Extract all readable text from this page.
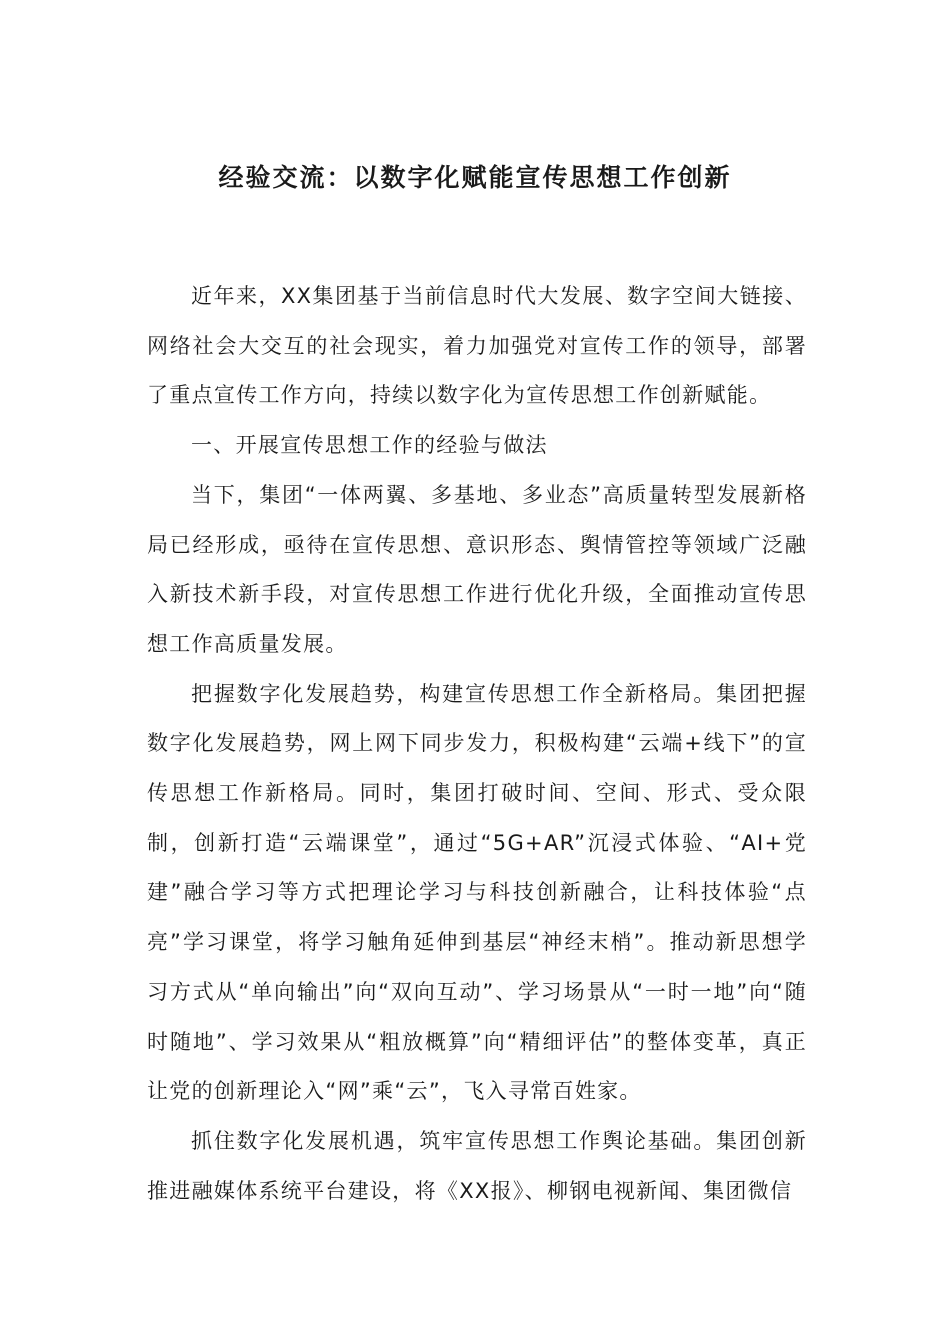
经验交流：以数字化赋能宣传思想工作创新

近年来，XX集团基于当前信息时代大发展、数字空间大链接、网络社会大交互的社会现实，着力加强党对宣传工作的领导，部署了重点宣传工作方向，持续以数字化为宣传思想工作创新赋能。

一、开展宣传思想工作的经验与做法

当下，集团“一体两翼、多基地、多业态”高质量转型发展新格局已经形成，亟待在宣传思想、意识形态、舆情管控等领域广泛融入新技术新手段，对宣传思想工作进行优化升级，全面推动宣传思想工作高质量发展。

把握数字化发展趋势，构建宣传思想工作全新格局。集团把握数字化发展趋势，网上网下同步发力，积极构建“云端+线下”的宣传思想工作新格局。同时，集团打破时间、空间、形式、受众限制，创新打造“云端课堂”，通过“5G+AR”沉浸式体验、“AI+党建”融合学习等方式把理论学习与科技创新融合，让科技体验“点亮”学习课堂，将学习触角延伸到基层“神经末梢”。推动新思想学习方式从“单向输出”向“双向互动”、学习场景从“一时一地”向“随时随地”、学习效果从“粗放概算”向“精细评估”的整体变革，真正让党的创新理论入“网”乘“云”，飞入寻常百姓家。

抓住数字化发展机遇，筑牢宣传思想工作舆论基础。集团创新推进融媒体系统平台建设，将《XX报》、柳钢电视新闻、集团微信
